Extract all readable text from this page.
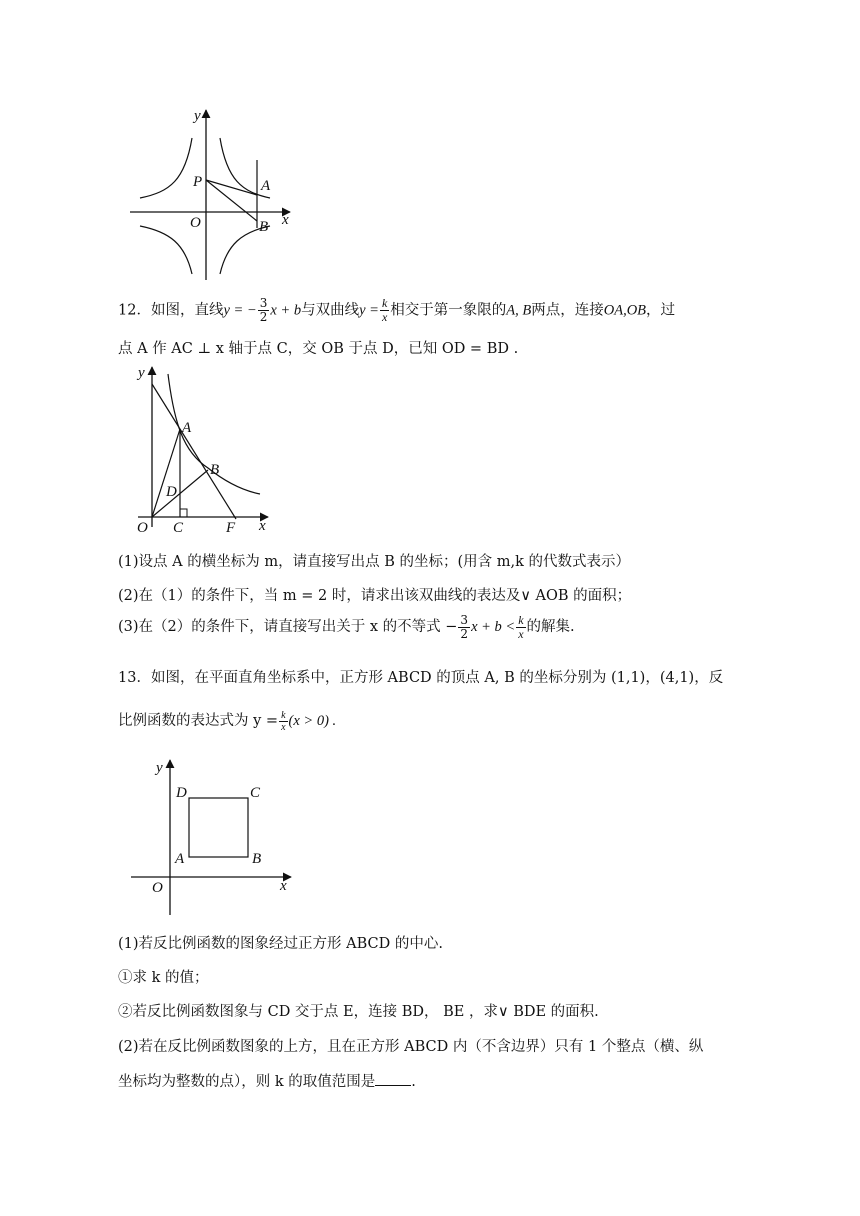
y
x
O
P	A
B
12．如图，直线y = − $\frac{3}{2}$ x + b与双曲线$y = \frac{k}{x}$ 相交于第一象限的A, B两点，连接OA,OB，过
点 A 作 AC ⊥ x 轴于点 C，交 OB 于点 D，已知 OD = BD .
y
x
O
A
B
C
D
F
(1)设点 A 的横坐标为 m，请直接写出点 B 的坐标；(用含 m,k 的代数式表示）
(2)在（1）的条件下，当 m = 2 时，请求出该双曲线的表达及∨ AOB 的面积；
(3)在（2）的条件下，请直接写出关于 x 的不等式 − $\frac{3}{2}$ $x + b < \frac{k}{x}$ 的解集.
13．如图，在平面直角坐标系中，正方形 ABCD 的顶点 A, B 的坐标分别为 (1,1)，(4,1)，反
比例函数的表达式为 $y = \frac{k}{x} (x > 0)$ .
y
x
O
A	B
C
D
(1)若反比例函数的图象经过正方形 ABCD 的中心.
①求 k 的值；
②若反比例函数图象与 CD 交于点 E，连接 BD， BE ，求∨ BDE 的面积.
(2)若在反比例函数图象的上方，且在正方形 ABCD 内（不含边界）只有 1 个整点（横、纵
坐标均为整数的点），则 k 的取值范围是 .
